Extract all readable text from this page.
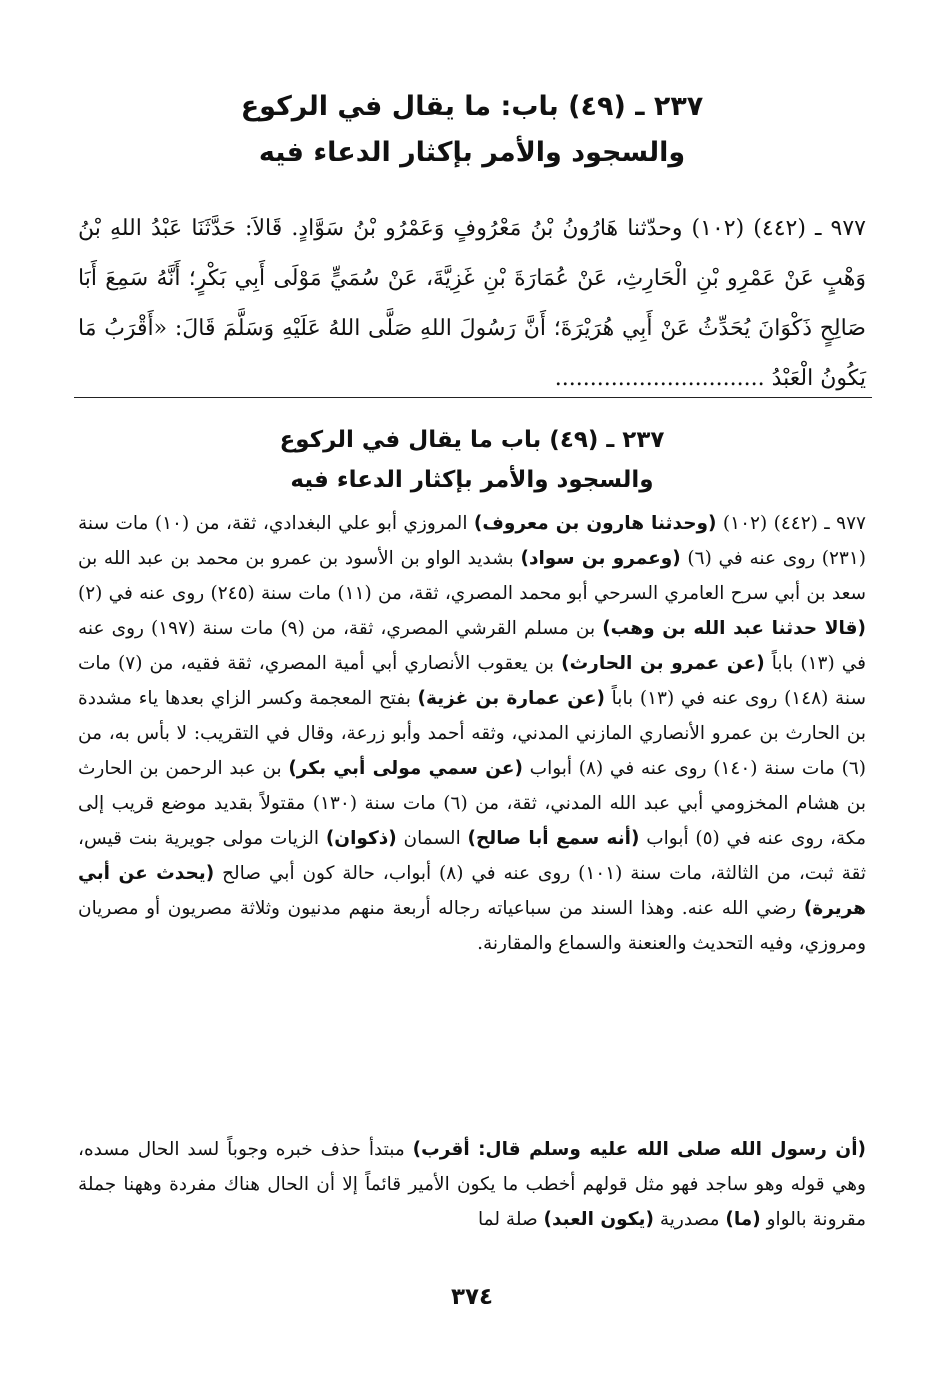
٢٣٧ ـ (٤٩) باب: ما يقال في الركوع
والسجود والأمر بإكثار الدعاء فيه

٩٧٧ ـ (٤٤٢) (١٠٢) وحدّثنا هَارُونُ بْنُ مَعْرُوفٍ وَعَمْرُو بْنُ سَوَّادٍ. قَالاَ: حَدَّثَنَا عَبْدُ اللهِ بْنُ وَهْبٍ عَنْ عَمْرِو بْنِ الْحَارِثِ، عَنْ عُمَارَةَ بْنِ غَزِيَّةَ، عَنْ سُمَيٍّ مَوْلَى أَبِي بَكْرٍ؛ أَنَّهُ سَمِعَ أَبَا صَالِحٍ ذَكْوَانَ يُحَدِّثُ عَنْ أَبِي هُرَيْرَةَ؛ أَنَّ رَسُولَ اللهِ صَلَّى اللهُ عَلَيْهِ وَسَلَّمَ قَالَ: «أَقْرَبُ مَا يَكُونُ الْعَبْدُ ..............................

٢٣٧ ـ (٤٩) باب ما يقال في الركوع
والسجود والأمر بإكثار الدعاء فيه

٩٧٧ ـ (٤٤٢) (١٠٢) (وحدثنا هارون بن معروف) المروزي أبو علي البغدادي، ثقة، من (١٠) مات سنة (٢٣١) روى عنه في (٦) (وعمرو بن سواد) بشديد الواو بن الأسود بن عمرو بن محمد بن عبد الله بن سعد بن أبي سرح العامري السرحي أبو محمد المصري، ثقة، من (١١) مات سنة (٢٤٥) روى عنه في (٢) (قالا حدثنا عبد الله بن وهب) بن مسلم القرشي المصري، ثقة، من (٩) مات سنة (١٩٧) روى عنه في (١٣) باباً (عن عمرو بن الحارث) بن يعقوب الأنصاري أبي أمية المصري، ثقة فقيه، من (٧) مات سنة (١٤٨) روى عنه في (١٣) باباً (عن عمارة بن غزية) بفتح المعجمة وكسر الزاي بعدها ياء مشددة بن الحارث بن عمرو الأنصاري المازني المدني، وثقه أحمد وأبو زرعة، وقال في التقريب: لا بأس به، من (٦) مات سنة (١٤٠) روى عنه في (٨) أبواب (عن سمي مولى أبي بكر) بن عبد الرحمن بن الحارث بن هشام المخزومي أبي عبد الله المدني، ثقة، من (٦) مات سنة (١٣٠) مقتولاً بقديد موضع قريب إلى مكة، روى عنه في (٥) أبواب (أنه سمع أبا صالح) السمان (ذكوان) الزيات مولى جويرية بنت قيس، ثقة ثبت، من الثالثة، مات سنة (١٠١) روى عنه في (٨) أبواب، حالة كون أبي صالح (يحدث عن أبي هريرة) رضي الله عنه. وهذا السند من سباعياته رجاله أربعة منهم مدنيون وثلاثة مصريون أو مصريان ومروزي، وفيه التحديث والعنعنة والسماع والمقارنة.

(أن رسول الله صلى الله عليه وسلم قال: أقرب) مبتدأ حذف خبره وجوباً لسد الحال مسده، وهي قوله وهو ساجد فهو مثل قولهم أخطب ما يكون الأمير قائماً إلا أن الحال هناك مفردة وههنا جملة مقرونة بالواو (ما) مصدرية (يكون العبد) صلة لما

٣٧٤
